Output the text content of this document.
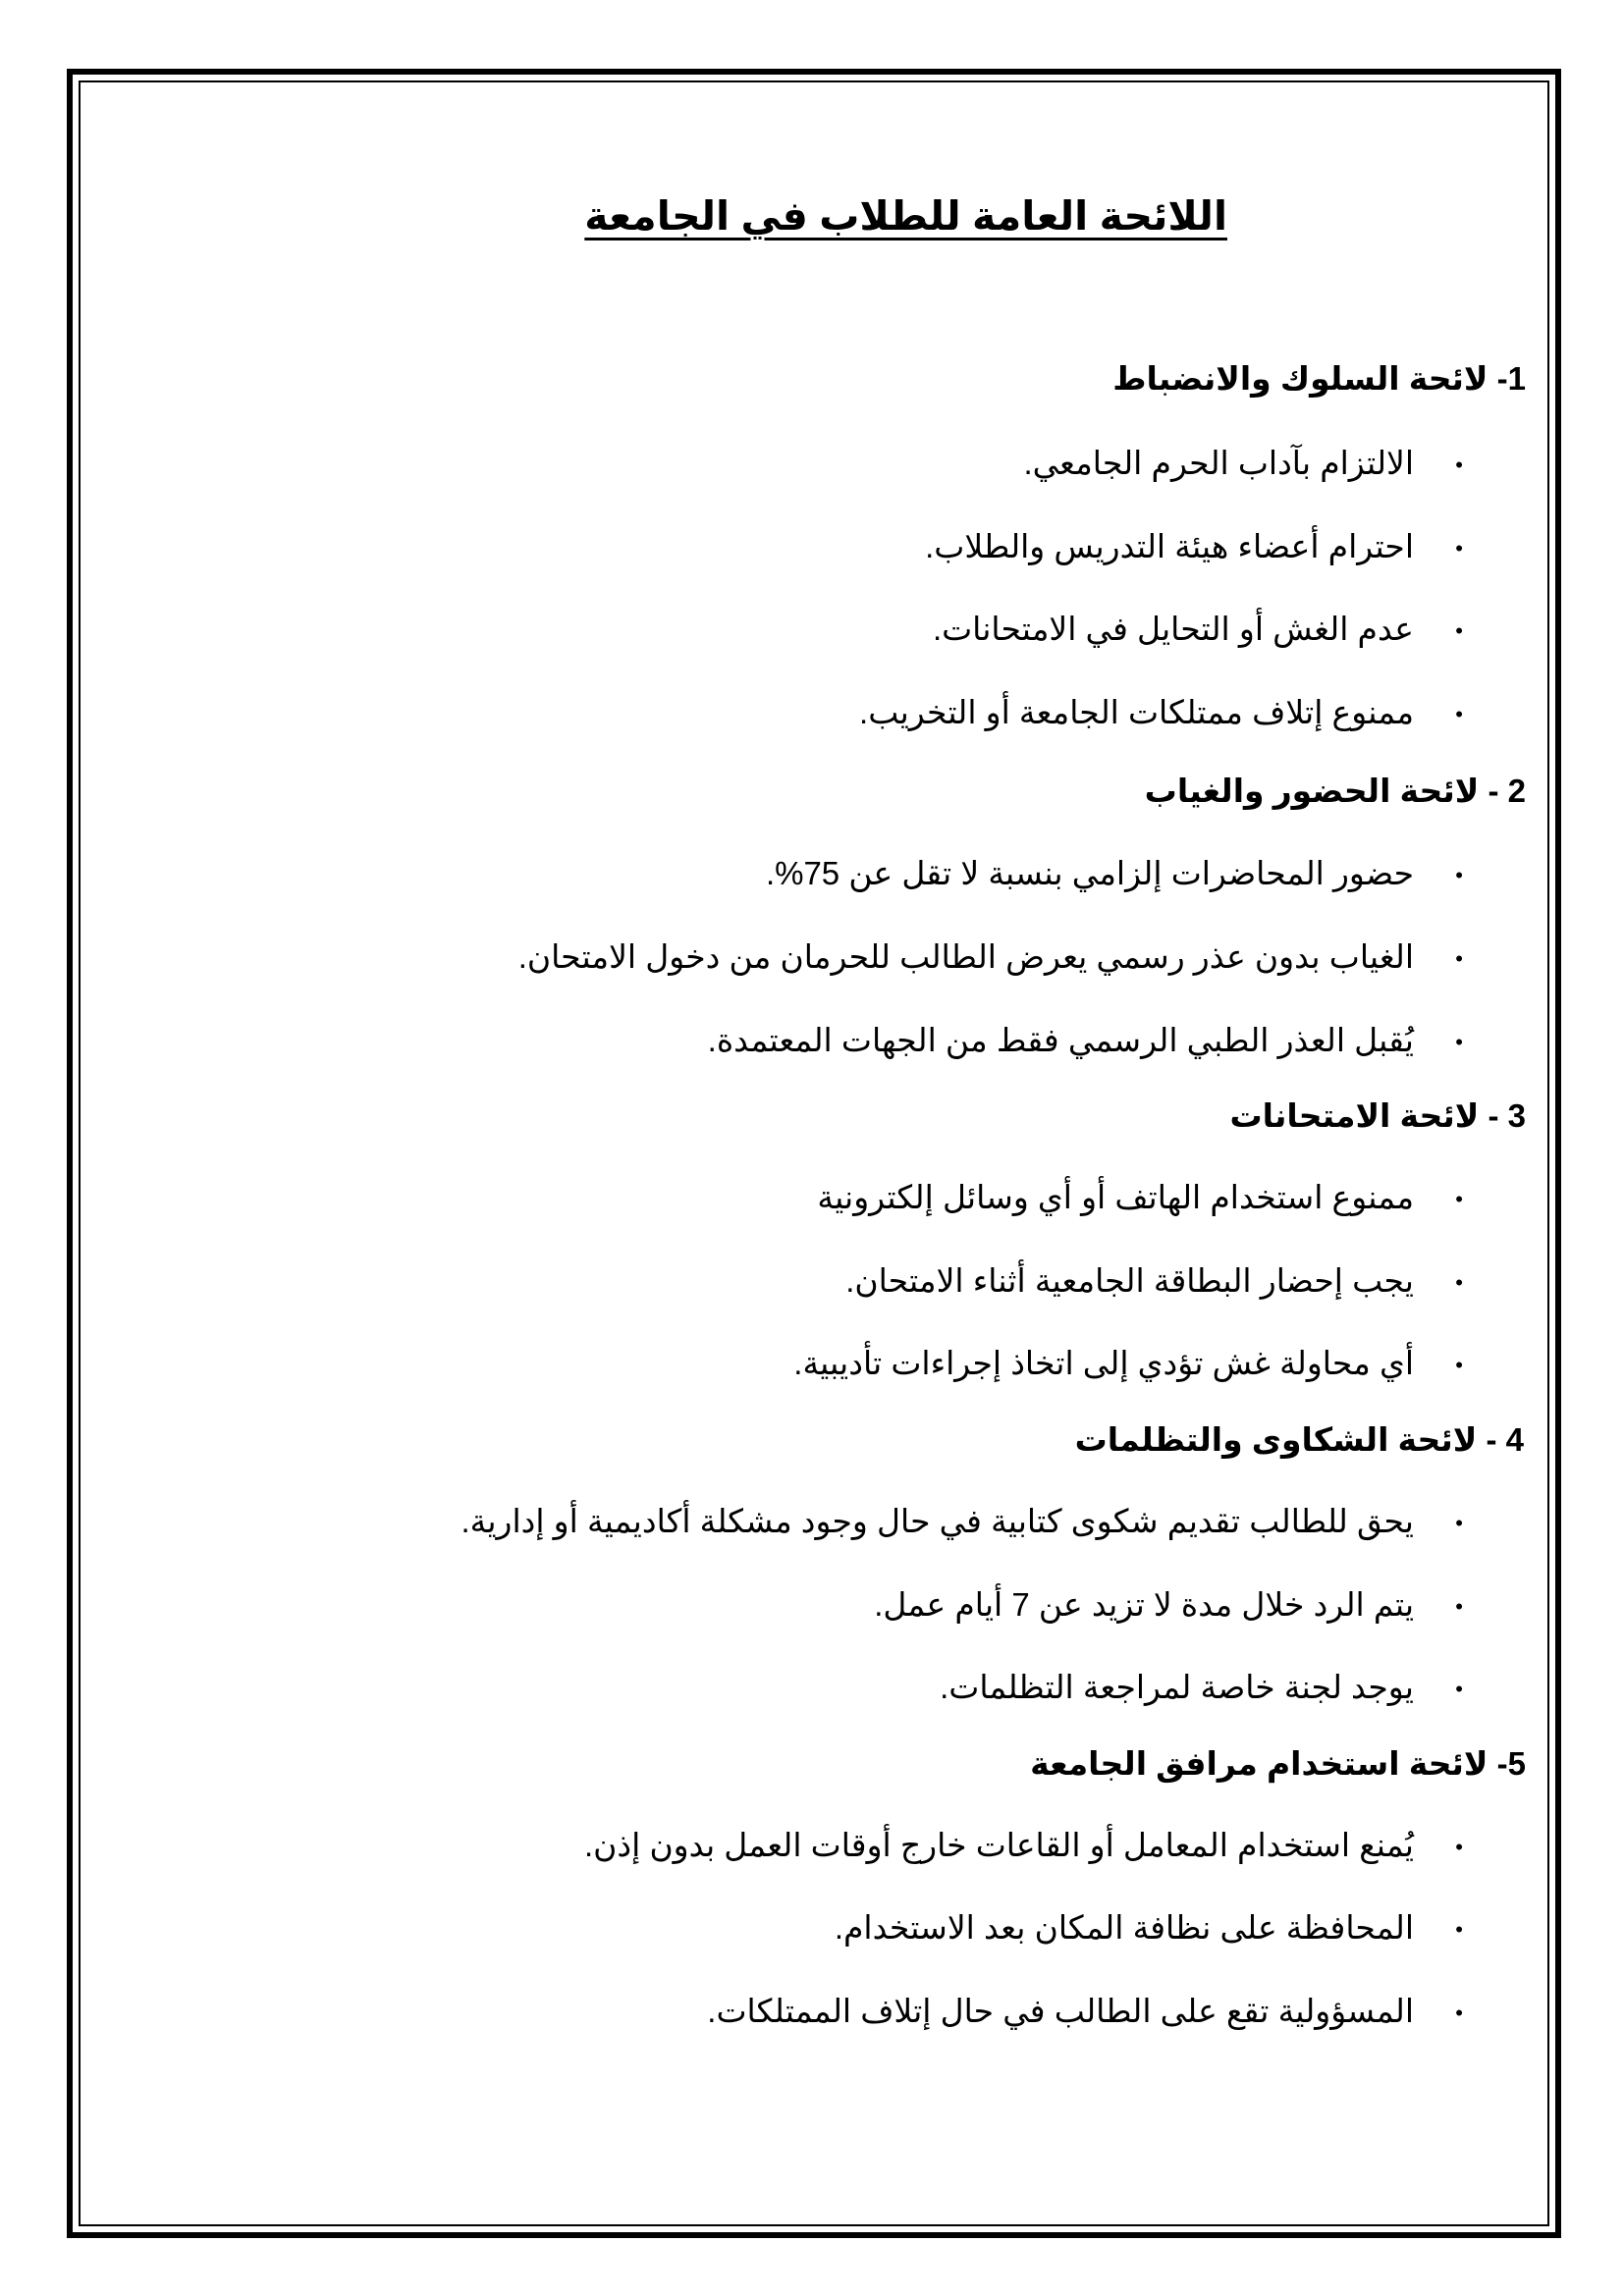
اللائحة العامة للطلاب في الجامعة
1- لائحة السلوك والانضباط

•الالتزام بآداب الحرم الجامعي.

•احترام أعضاء هيئة التدريس والطلاب.

•عدم الغش أو التحايل في الامتحانات.

•ممنوع إتلاف ممتلكات الجامعة أو التخريب.

2 - لائحة الحضور والغياب

•حضور المحاضرات إلزامي بنسبة لا تقل عن 75%.

•الغياب بدون عذر رسمي يعرض الطالب للحرمان من دخول الامتحان.

•يُقبل العذر الطبي الرسمي فقط من الجهات المعتمدة.

3 - لائحة الامتحانات

•ممنوع استخدام الهاتف أو أي وسائل إلكترونية

•يجب إحضار البطاقة الجامعية أثناء الامتحان.

•أي محاولة غش تؤدي إلى اتخاذ إجراءات تأديبية.

4 - لائحة الشكاوى والتظلمات

•يحق للطالب تقديم شكوى كتابية في حال وجود مشكلة أكاديمية أو إدارية.

•يتم الرد خلال مدة لا تزيد عن 7 أيام عمل.

•يوجد لجنة خاصة لمراجعة التظلمات.

5- لائحة استخدام مرافق الجامعة

•يُمنع استخدام المعامل أو القاعات خارج أوقات العمل بدون إذن.

•المحافظة على نظافة المكان بعد الاستخدام.

•المسؤولية تقع على الطالب في حال إتلاف الممتلكات.
